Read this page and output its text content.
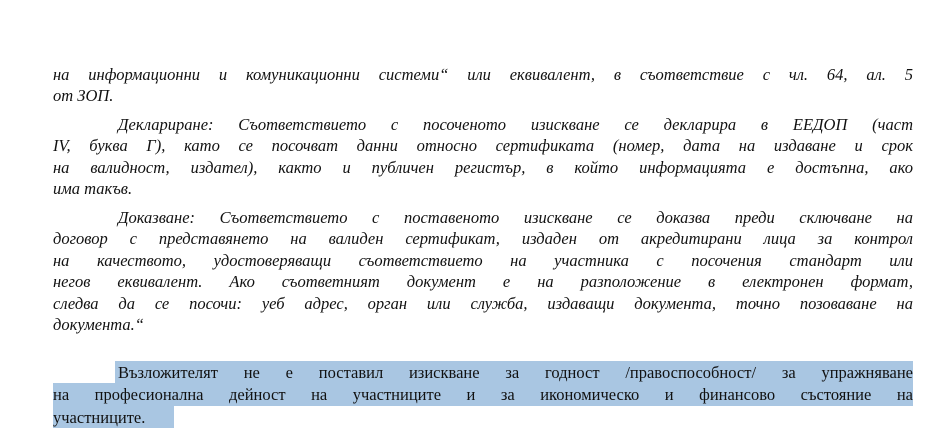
на информационни и комуникационни системи“ или еквивалент, в съответствие с чл. 64, ал. 5
от ЗОП.
Деклариране: Съответствието с посоченото изискване се декларира в ЕЕДОП (част
IV, буква Г), като се посочват данни относно сертификата (номер, дата на издаване и срок
на валидност, издател), както и публичен регистър, в който информацията е достъпна, ако
има такъв.
Доказване: Съответствието с поставеното изискване се доказва преди сключване на
договор с представянето на валиден сертификат, издаден от акредитирани лица за контрол
на качеството, удостоверяващи съответствието на участника с посочения стандарт или
негов еквивалент. Ако съответният документ е на разположение в електронен формат,
следва да се посочи: уеб адрес, орган или служба, издаващи документа, точно позоваване на
документа.“
Възложителят не е поставил изискване за годност /правоспособност/ за упражняване
на професионална дейност на участниците и за икономическо и финансово състояние на
участниците.
